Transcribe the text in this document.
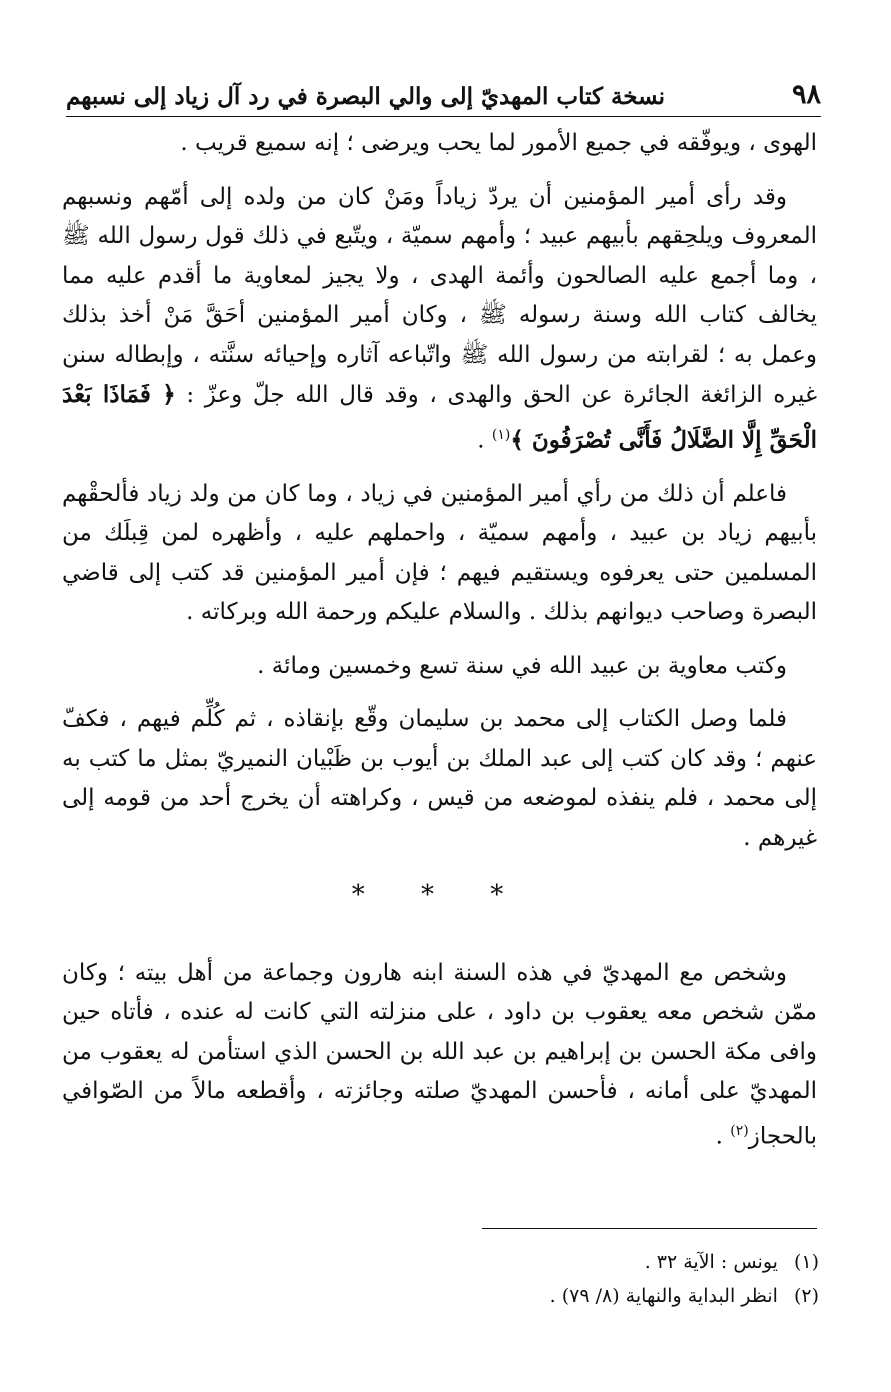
٩٨
نسخة كتاب المهديّ إلى والي البصرة في رد آل زياد إلى نسبهم

الهوى ، ويوفّقه في جميع الأمور لما يحب ويرضى ؛ إنه سميع قريب .

وقد رأى أمير المؤمنين أن يردّ زياداً ومَنْ كان من ولده إلى أمّهم ونسبهم المعروف ويلحِقهم بأبيهم عبيد ؛ وأمهم سميّة ، ويتّبع في ذلك قول رسول الله ﷺ ، وما أجمع عليه الصالحون وأئمة الهدى ، ولا يجيز لمعاوية ما أقدم عليه مما يخالف كتاب الله وسنة رسوله ﷺ ، وكان أمير المؤمنين أحَقَّ مَنْ أخذ بذلك وعمل به ؛ لقرابته من رسول الله ﷺ واتّباعه آثاره وإحيائه سنَّته ، وإبطاله سنن غيره الزائغة الجائرة عن الحق والهدى ، وقد قال الله جلّ وعزّ : ﴿ فَمَاذَا بَعْدَ الْحَقِّ إِلَّا الضَّلَالُ فَأَنَّى تُصْرَفُونَ ﴾$^{(١)}$ .

فاعلم أن ذلك من رأي أمير المؤمنين في زياد ، وما كان من ولد زياد فألحقْهم بأبيهم زياد بن عبيد ، وأمهم سميّة ، واحملهم عليه ، وأظهره لمن قِبلَك من المسلمين حتى يعرفوه ويستقيم فيهم ؛ فإن أمير المؤمنين قد كتب إلى قاضي البصرة وصاحب ديوانهم بذلك . والسلام عليكم ورحمة الله وبركاته .

وكتب معاوية بن عبيد الله في سنة تسع وخمسين ومائة .

فلما وصل الكتاب إلى محمد بن سليمان وقّع بإنقاذه ، ثم كُلِّم فيهم ، فكفّ عنهم ؛ وقد كان كتب إلى عبد الملك بن أيوب بن ظَبْيان النميريّ بمثل ما كتب به إلى محمد ، فلم ينفذه لموضعه من قيس ، وكراهته أن يخرج أحد من قومه إلى غيرهم .

* * *

وشخص مع المهديّ في هذه السنة ابنه هارون وجماعة من أهل بيته ؛ وكان ممّن شخص معه يعقوب بن داود ، على منزلته التي كانت له عنده ، فأتاه حين وافى مكة الحسن بن إبراهيم بن عبد الله بن الحسن الذي استأمن له يعقوب من المهديّ على أمانه ، فأحسن المهديّ صلته وجائزته ، وأقطعه مالاً من الصّوافي بالحجاز$^{(٢)}$ .

(١)
يونس : الآية ٣٢ .
(٢)
انظر البداية والنهاية (٨/ ٧٩) .
